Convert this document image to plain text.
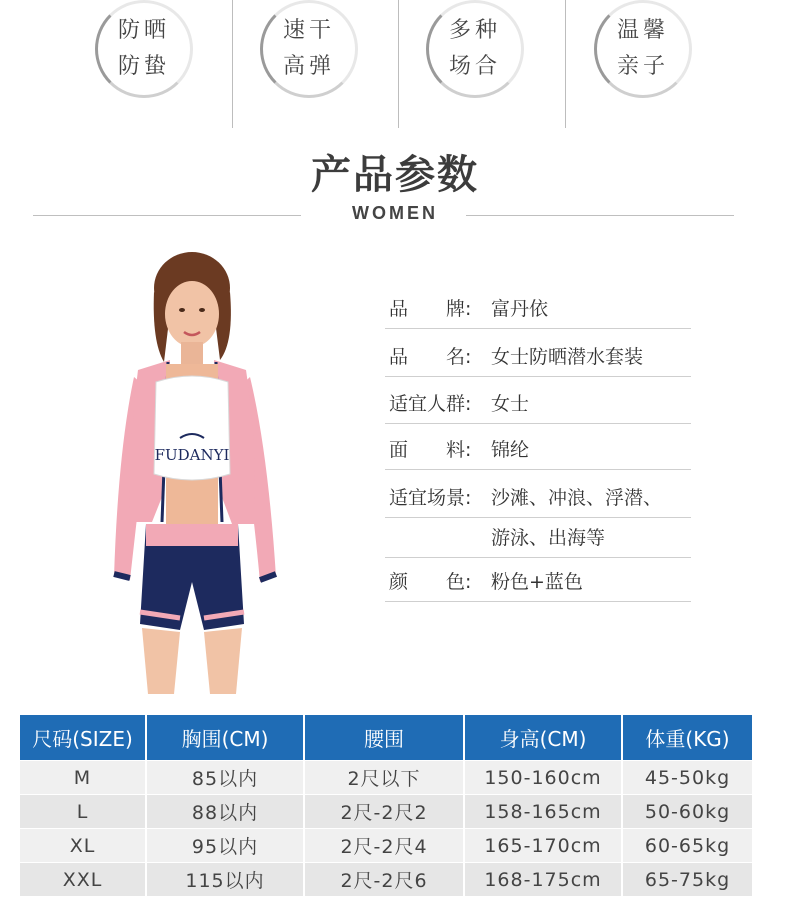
防晒
防蛰
速干
高弹
多种
场合
温馨
亲子
产品参数
WOMEN
FUDANYI
品　　牌:	富丹依
品　　名:	女士防晒潜水套装
适宜人群:	女士
面　　料:	锦纶
适宜场景:	沙滩、冲浪、浮潜、
游泳、出海等
颜　　色:	粉色+蓝色
尺码(SIZE)	胸围(CM)	腰围	身高(CM)	体重(KG)
M	85以内	2尺以下	150-160cm	45-50kg
L	88以内	2尺-2尺2	158-165cm	50-60kg
XL	95以内	2尺-2尺4	165-170cm	60-65kg
XXL	115以内	2尺-2尺6	168-175cm	65-75kg
